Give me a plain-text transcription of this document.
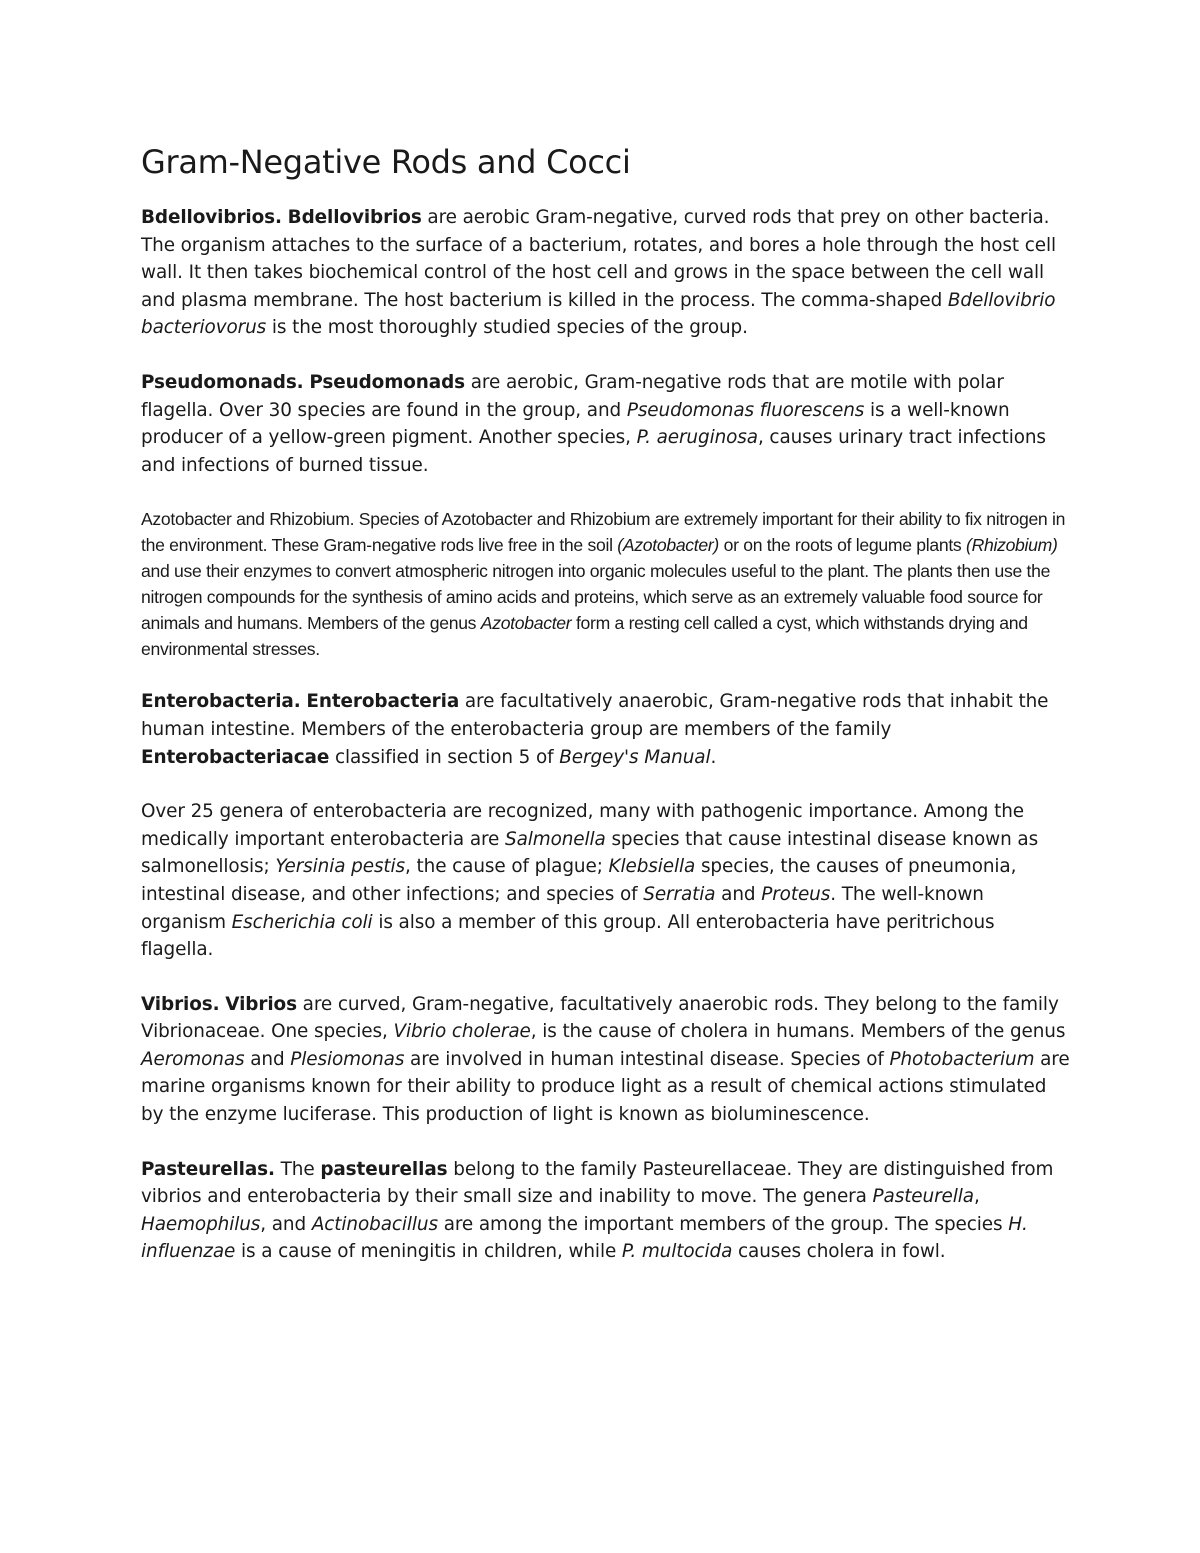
Gram-Negative Rods and Cocci

Bdellovibrios. Bdellovibrios are aerobic Gram-negative, curved rods that prey on other bacteria. The organism attaches to the surface of a bacterium, rotates, and bores a hole through the host cell wall. It then takes biochemical control of the host cell and grows in the space between the cell wall and plasma membrane. The host bacterium is killed in the process. The comma-shaped Bdellovibrio bacteriovorus is the most thoroughly studied species of the group.

Pseudomonads. Pseudomonads are aerobic, Gram-negative rods that are motile with polar flagella. Over 30 species are found in the group, and Pseudomonas fluorescens is a well-known producer of a yellow-green pigment. Another species, P. aeruginosa, causes urinary tract infections and infections of burned tissue.

Azotobacter and Rhizobium. Species of Azotobacter and Rhizobium are extremely important for their ability to fix nitrogen in the environment. These Gram-negative rods live free in the soil (Azotobacter) or on the roots of legume plants (Rhizobium) and use their enzymes to convert atmospheric nitrogen into organic molecules useful to the plant. The plants then use the nitrogen compounds for the synthesis of amino acids and proteins, which serve as an extremely valuable food source for animals and humans. Members of the genus Azotobacter form a resting cell called a cyst, which withstands drying and environmental stresses.

Enterobacteria. Enterobacteria are facultatively anaerobic, Gram-negative rods that inhabit the human intestine. Members of the enterobacteria group are members of the family Enterobacteriacae classified in section 5 of Bergey's Manual.

Over 25 genera of enterobacteria are recognized, many with pathogenic importance. Among the medically important enterobacteria are Salmonella species that cause intestinal disease known as salmonellosis; Yersinia pestis, the cause of plague; Klebsiella species, the causes of pneumonia, intestinal disease, and other infections; and species of Serratia and Proteus. The well-known organism Escherichia coli is also a member of this group. All enterobacteria have peritrichous flagella.

Vibrios. Vibrios are curved, Gram-negative, facultatively anaerobic rods. They belong to the family Vibrionaceae. One species, Vibrio cholerae, is the cause of cholera in humans. Members of the genus Aeromonas and Plesiomonas are involved in human intestinal disease. Species of Photobacterium are marine organisms known for their ability to produce light as a result of chemical actions stimulated by the enzyme luciferase. This production of light is known as bioluminescence.

Pasteurellas. The pasteurellas belong to the family Pasteurellaceae. They are distinguished from vibrios and enterobacteria by their small size and inability to move. The genera Pasteurella, Haemophilus, and Actinobacillus are among the important members of the group. The species H. influenzae is a cause of meningitis in children, while P. multocida causes cholera in fowl.
